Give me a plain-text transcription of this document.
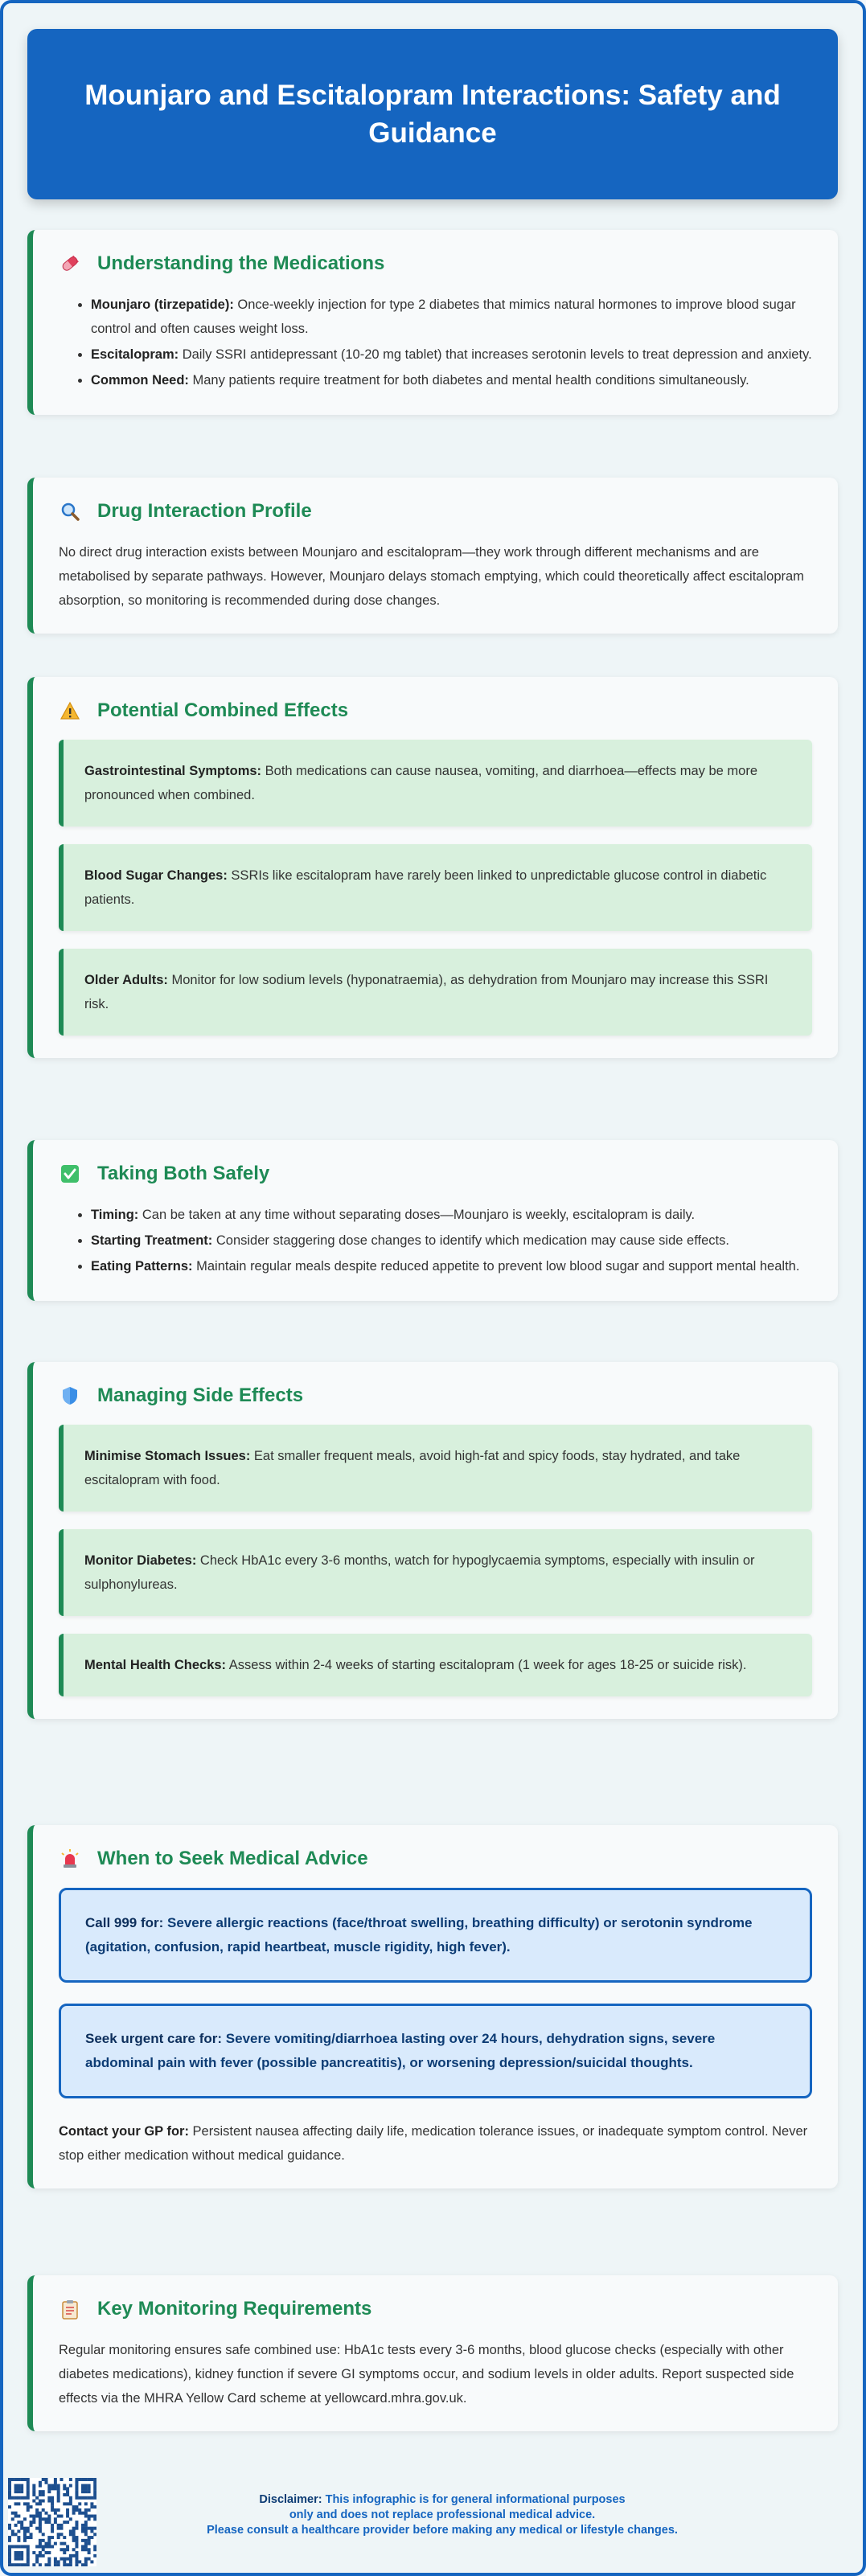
Mounjaro and Escitalopram Interactions: Safety and Guidance
Understanding the Medications
• Mounjaro (tirzepatide): Once-weekly injection for type 2 diabetes that mimics natural hormones to improve blood sugar control and often causes weight loss.
• Escitalopram: Daily SSRI antidepressant (10-20 mg tablet) that increases serotonin levels to treat depression and anxiety.
• Common Need: Many patients require treatment for both diabetes and mental health conditions simultaneously.
Drug Interaction Profile

No direct drug interaction exists between Mounjaro and escitalopram—they work through different mechanisms and are metabolised by separate pathways. However, Mounjaro delays stomach emptying, which could theoretically affect escitalopram absorption, so monitoring is recommended during dose changes.

Potential Combined Effects
Gastrointestinal Symptoms: Both medications can cause nausea, vomiting, and diarrhoea—effects may be more pronounced when combined.
Blood Sugar Changes: SSRIs like escitalopram have rarely been linked to unpredictable glucose control in diabetic patients.
Older Adults: Monitor for low sodium levels (hyponatraemia), as dehydration from Mounjaro may increase this SSRI risk.
Taking Both Safely
• Timing: Can be taken at any time without separating doses—Mounjaro is weekly, escitalopram is daily.
• Starting Treatment: Consider staggering dose changes to identify which medication may cause side effects.
• Eating Patterns: Maintain regular meals despite reduced appetite to prevent low blood sugar and support mental health.
Managing Side Effects
Minimise Stomach Issues: Eat smaller frequent meals, avoid high-fat and spicy foods, stay hydrated, and take escitalopram with food.
Monitor Diabetes: Check HbA1c every 3-6 months, watch for hypoglycaemia symptoms, especially with insulin or sulphonylureas.
Mental Health Checks: Assess within 2-4 weeks of starting escitalopram (1 week for ages 18-25 or suicide risk).
When to Seek Medical Advice
Call 999 for: Severe allergic reactions (face/throat swelling, breathing difficulty) or serotonin syndrome (agitation, confusion, rapid heartbeat, muscle rigidity, high fever).
Seek urgent care for: Severe vomiting/diarrhoea lasting over 24 hours, dehydration signs, severe abdominal pain with fever (possible pancreatitis), or worsening depression/suicidal thoughts.

Contact your GP for: Persistent nausea affecting daily life, medication tolerance issues, or inadequate symptom control. Never stop either medication without medical guidance.

Key Monitoring Requirements

Regular monitoring ensures safe combined use: HbA1c tests every 3-6 months, blood glucose checks (especially with other diabetes medications), kidney function if severe GI symptoms occur, and sodium levels in older adults. Report suspected side effects via the MHRA Yellow Card scheme at yellowcard.mhra.gov.uk.

Disclaimer: This infographic is for general informational purposes
only and does not replace professional medical advice.
Please consult a healthcare provider before making any medical or lifestyle changes.
